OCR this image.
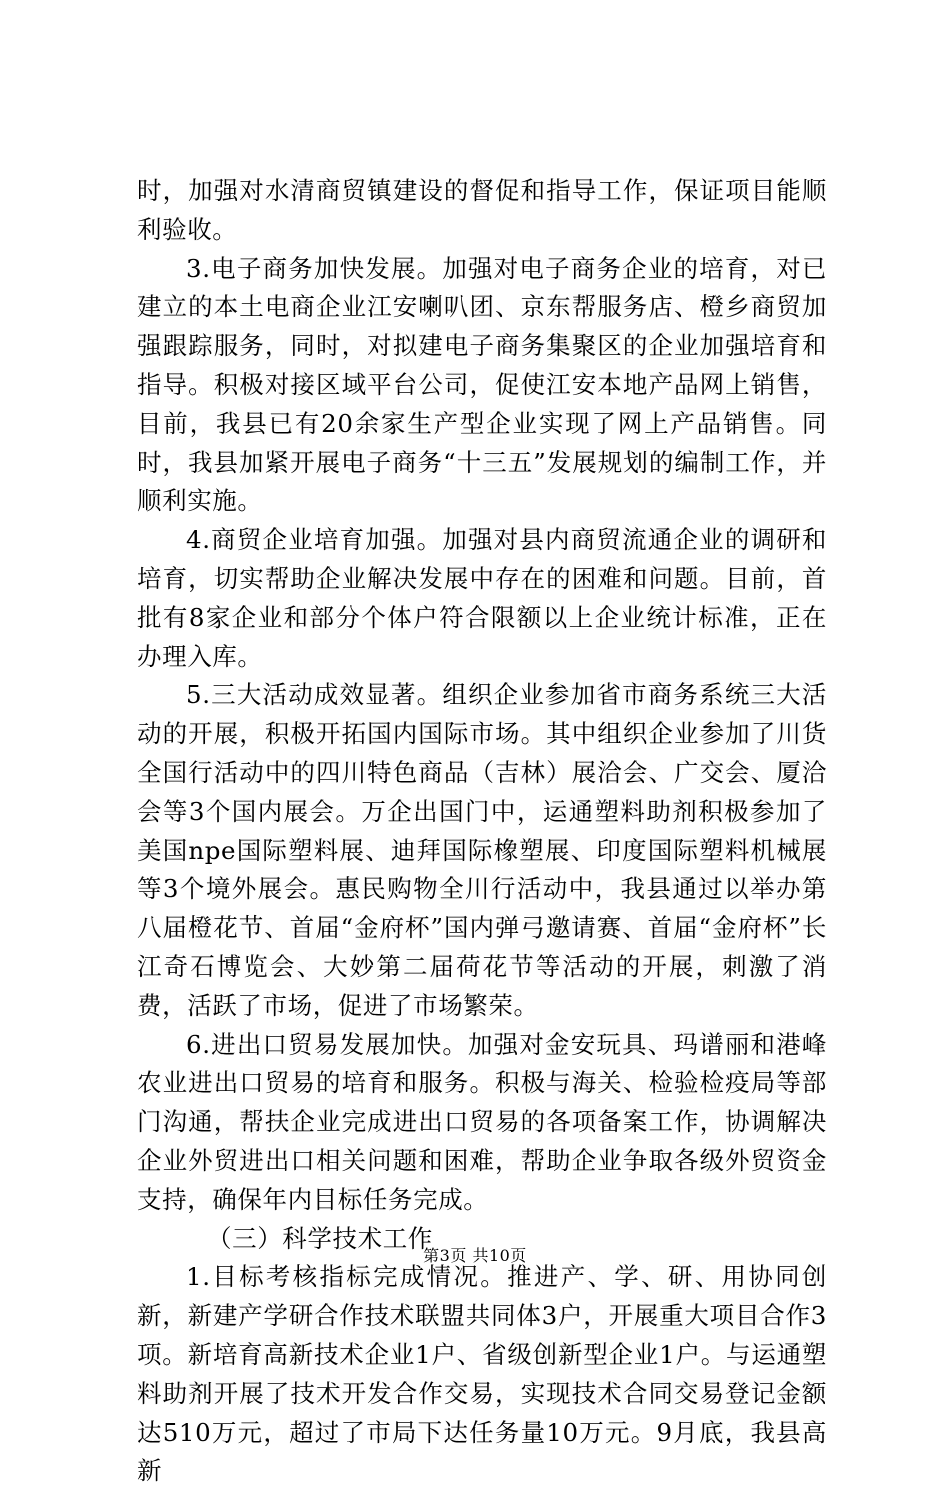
时，加强对水清商贸镇建设的督促和指导工作，保证项目能顺利验收。

3.电子商务加快发展。加强对电子商务企业的培育，对已建立的本土电商企业江安喇叭团、京东帮服务店、橙乡商贸加强跟踪服务，同时，对拟建电子商务集聚区的企业加强培育和指导。积极对接区域平台公司，促使江安本地产品网上销售，目前，我县已有20余家生产型企业实现了网上产品销售。同时，我县加紧开展电子商务“十三五”发展规划的编制工作，并顺利实施。

4.商贸企业培育加强。加强对县内商贸流通企业的调研和培育，切实帮助企业解决发展中存在的困难和问题。目前，首批有8家企业和部分个体户符合限额以上企业统计标准，正在办理入库。

5.三大活动成效显著。组织企业参加省市商务系统三大活动的开展，积极开拓国内国际市场。其中组织企业参加了川货全国行活动中的四川特色商品（吉林）展洽会、广交会、厦洽会等3个国内展会。万企出国门中，运通塑料助剂积极参加了美国npe国际塑料展、迪拜国际橡塑展、印度国际塑料机械展等3个境外展会。惠民购物全川行活动中，我县通过以举办第八届橙花节、首届“金府杯”国内弹弓邀请赛、首届“金府杯”长江奇石博览会、大妙第二届荷花节等活动的开展，刺激了消费，活跃了市场，促进了市场繁荣。

6.进出口贸易发展加快。加强对金安玩具、玛谱丽和港峰农业进出口贸易的培育和服务。积极与海关、检验检疫局等部门沟通，帮扶企业完成进出口贸易的各项备案工作，协调解决企业外贸进出口相关问题和困难，帮助企业争取各级外贸资金支持，确保年内目标任务完成。

（三）科学技术工作

1.目标考核指标完成情况。推进产、学、研、用协同创新，新建产学研合作技术联盟共同体3户，开展重大项目合作3项。新培育高新技术企业1户、省级创新型企业1户。与运通塑料助剂开展了技术开发合作交易，实现技术合同交易登记金额达510万元，超过了市局下达任务量10万元。9月底，我县高新

第3页 共10页
